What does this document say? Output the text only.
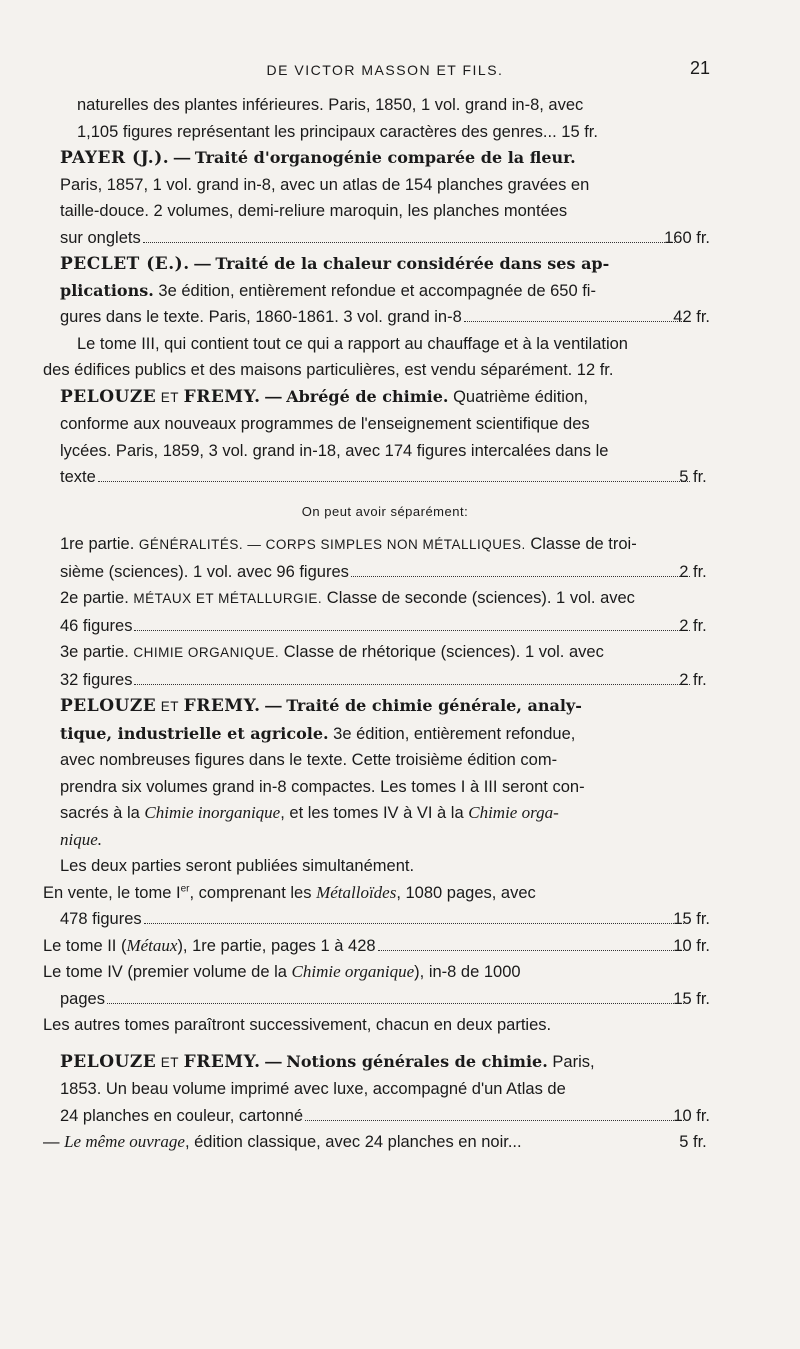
DE VICTOR MASSON ET FILS.	21
naturelles des plantes inférieures. Paris, 1850, 1 vol. grand in-8, avec
1,105 figures représentant les principaux caractères des genres... 15 fr.
PAYER (J.). — Traité d'organogénie comparée de la fleur.
Paris, 1857, 1 vol. grand in-8, avec un atlas de 154 planches gravées en
taille-douce. 2 volumes, demi-reliure maroquin, les planches montées
sur onglets	160 fr.
PECLET (E.). — Traité de la chaleur considérée dans ses ap-
plications. 3e édition, entièrement refondue et accompagnée de 650 fi-
gures dans le texte. Paris, 1860-1861. 3 vol. grand in-8	42 fr.
Le tome III, qui contient tout ce qui a rapport au chauffage et à la ventilation
des édifices publics et des maisons particulières, est vendu séparément. 12 fr.
PELOUZE ET FREMY. — Abrégé de chimie. Quatrième édition,
conforme aux nouveaux programmes de l'enseignement scientifique des
lycées. Paris, 1859, 3 vol. grand in-18, avec 174 figures intercalées dans le
texte	5 fr.
On peut avoir séparément:
1re partie. GÉNÉRALITÉS. — CORPS SIMPLES NON MÉTALLIQUES. Classe de troi-
sième (sciences). 1 vol. avec 96 figures	2 fr.
2e partie. MÉTAUX ET MÉTALLURGIE. Classe de seconde (sciences). 1 vol. avec
46 figures	2 fr.
3e partie. CHIMIE ORGANIQUE. Classe de rhétorique (sciences). 1 vol. avec
32 figures	2 fr.
PELOUZE ET FREMY. — Traité de chimie générale, analy-
tique, industrielle et agricole. 3e édition, entièrement refondue,
avec nombreuses figures dans le texte. Cette troisième édition com-
prendra six volumes grand in-8 compactes. Les tomes I à III seront con-
sacrés à la Chimie inorganique, et les tomes IV à VI à la Chimie orga-
nique.
Les deux parties seront publiées simultanément.
En vente, le tome Ier, comprenant les Métalloïdes, 1080 pages, avec
478 figures	15 fr.
Le tome II (Métaux), 1re partie, pages 1 à 428	10 fr.
Le tome IV (premier volume de la Chimie organique), in-8 de 1000
pages	15 fr.
Les autres tomes paraîtront successivement, chacun en deux parties.
PELOUZE ET FREMY. — Notions générales de chimie. Paris,
1853. Un beau volume imprimé avec luxe, accompagné d'un Atlas de
24 planches en couleur, cartonné	10 fr.
— Le même ouvrage, édition classique, avec 24 planches en noir...	5 fr.
